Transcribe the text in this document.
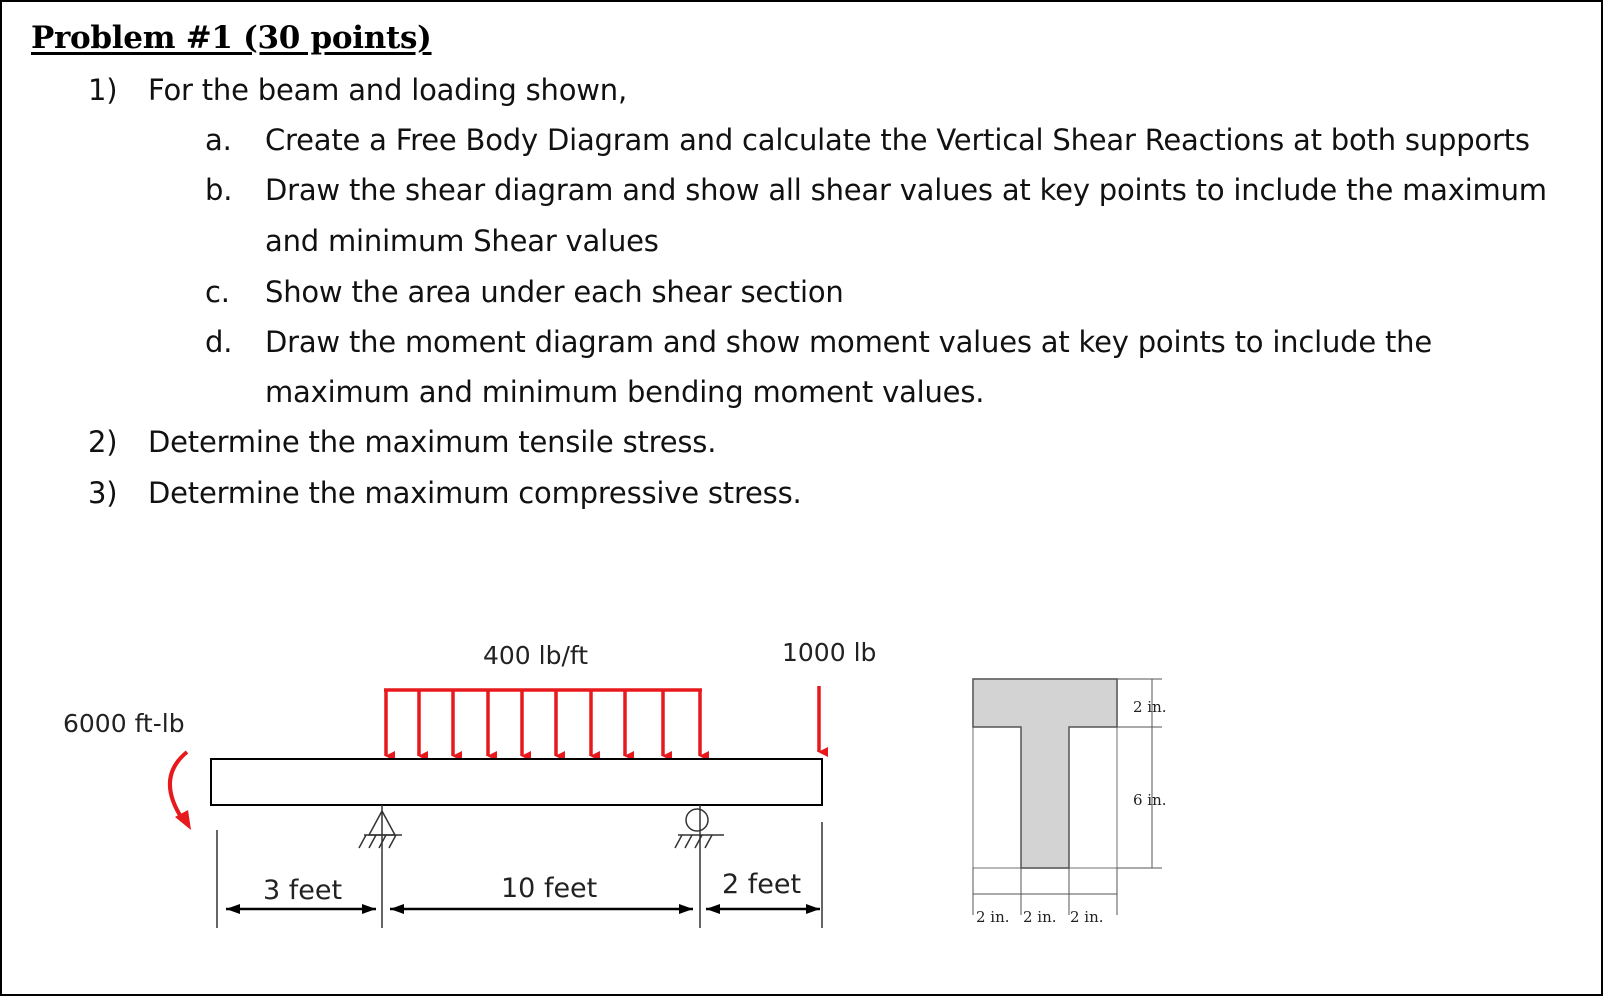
Problem #1 (30 points)
1) For the beam and loading shown,
a. Create a Free Body Diagram and calculate the Vertical Shear Reactions at both supports
b. Draw the shear diagram and show all shear values at key points to include the maximum
and minimum Shear values
c. Show the area under each shear section
d. Draw the moment diagram and show moment values at key points to include the
maximum and minimum bending moment values.
2) Determine the maximum tensile stress.
3) Determine the maximum compressive stress.
6000 ft-lb
400 lb/ft	1000 lb
3 feet	10 feet	2 feet
2 in.
6 in.
2 in. 2 in. 2 in.
